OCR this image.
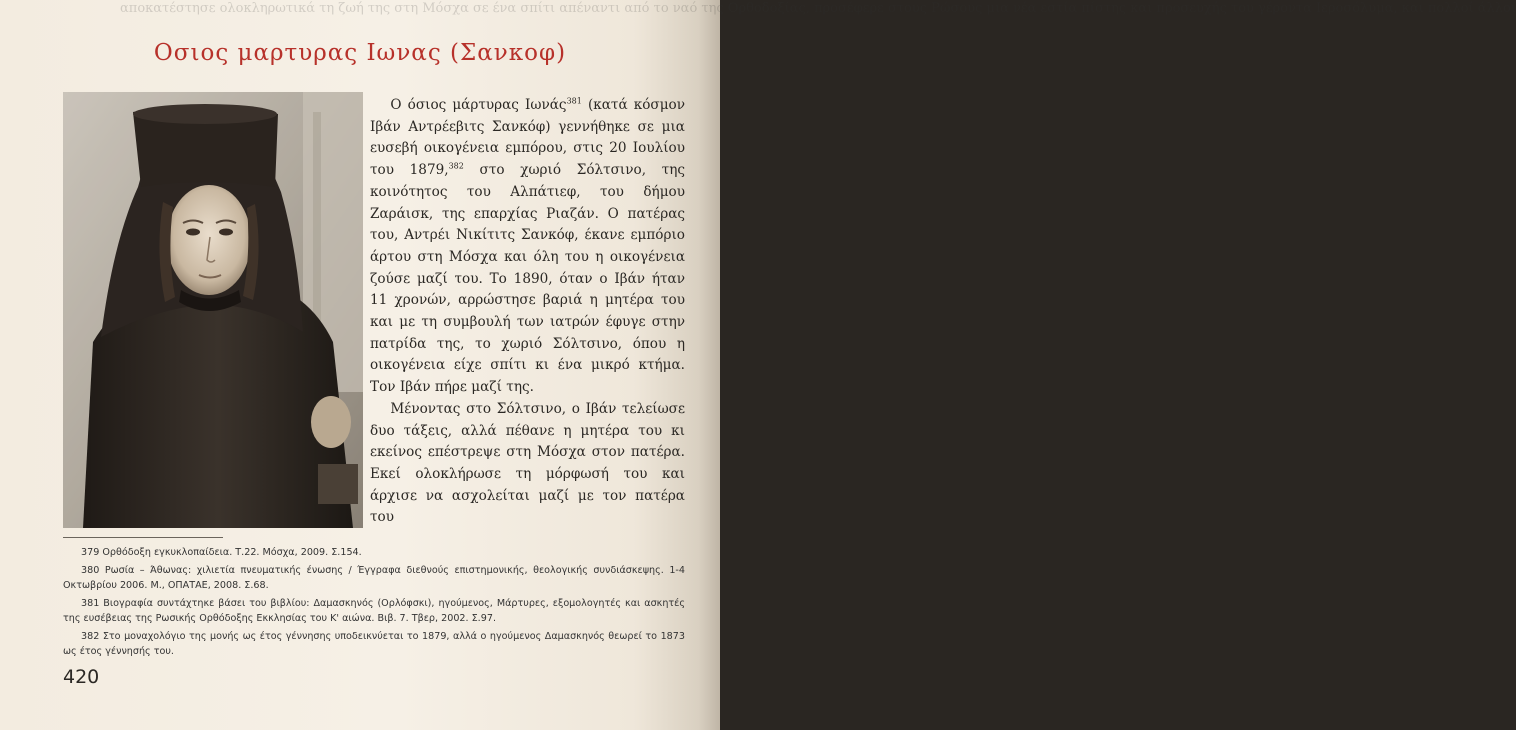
αποκατέστησε ολοκληρωτικά τη ζωή της στη Μόσχα σε ένα σπίτι απέναντι από το ναό της Ορθοδοξίας, προσέφερε στους Ρώσους μια νέα εστία πίστης και προσευχής του γέροντα Ιεροσόλυμα, και πολλοί άλλοι
Οσιος μαρτυρας Ιωνας (Σανκοφ)

Ο όσιος μάρτυρας Ιωνάς$^{381}$ (κατά κόσμον Ιβάν Αντρέεβιτς Σανκόφ) γεννήθηκε σε μια ευσεβή οικογένεια εμπόρου, στις 20 Ιουλίου του 1879,$^{382}$ στο χωριό Σόλτσινο, της κοινότητος του Αλπάτιεφ, του δήμου Ζαράισκ, της επαρχίας Ριαζάν. Ο πατέρας του, Αντρέι Νικίτιτς Σανκόφ, έκανε εμπόριο άρτου στη Μόσχα και όλη του η οικογένεια ζούσε μαζί του. Το 1890, όταν ο Ιβάν ήταν 11 χρονών, αρρώστησε βαριά η μητέρα του και με τη συμβουλή των ιατρών έφυγε στην πατρίδα της, το χωριό Σόλτσινο, όπου η οικογένεια είχε σπίτι κι ένα μικρό κτήμα. Τον Ιβάν πήρε μαζί της.

Μένοντας στο Σόλτσινο, ο Ιβάν τελείωσε δυο τάξεις, αλλά πέθανε η μητέρα του κι εκείνος επέστρεψε στη Μόσχα στον πατέρα. Εκεί ολοκλήρωσε τη μόρφωσή του και άρχισε να ασχολείται μαζί με τον πατέρα του

379 Ορθόδοξη εγκυκλοπαίδεια. Τ.22. Μόσχα, 2009. Σ.154.

380 Ρωσία – Άθωνας: χιλιετία πνευματικής ένωσης / Έγγραφα διεθνούς επιστημονικής, θεολογικής συνδιάσκεψης. 1-4 Οκτωβρίου 2006. Μ., ΟΠΑΤΑΕ, 2008. Σ.68.

381 Βιογραφία συντάχτηκε βάσει του βιβλίου: Δαμασκηνός (Ορλόφσκι), ηγούμενος, Μάρτυρες, εξομολογητές και ασκητές της ευσέβειας της Ρωσικής Ορθόδοξης Εκκλησίας του Κ' αιώνα. Βιβ. 7. Τβερ, 2002. Σ.97.

382 Στο μοναχολόγιο της μονής ως έτος γέννησης υποδεικνύεται το 1879, αλλά ο ηγούμενος Δαμασκηνός θεωρεί το 1873 ως έτος γέννησής του.

420
